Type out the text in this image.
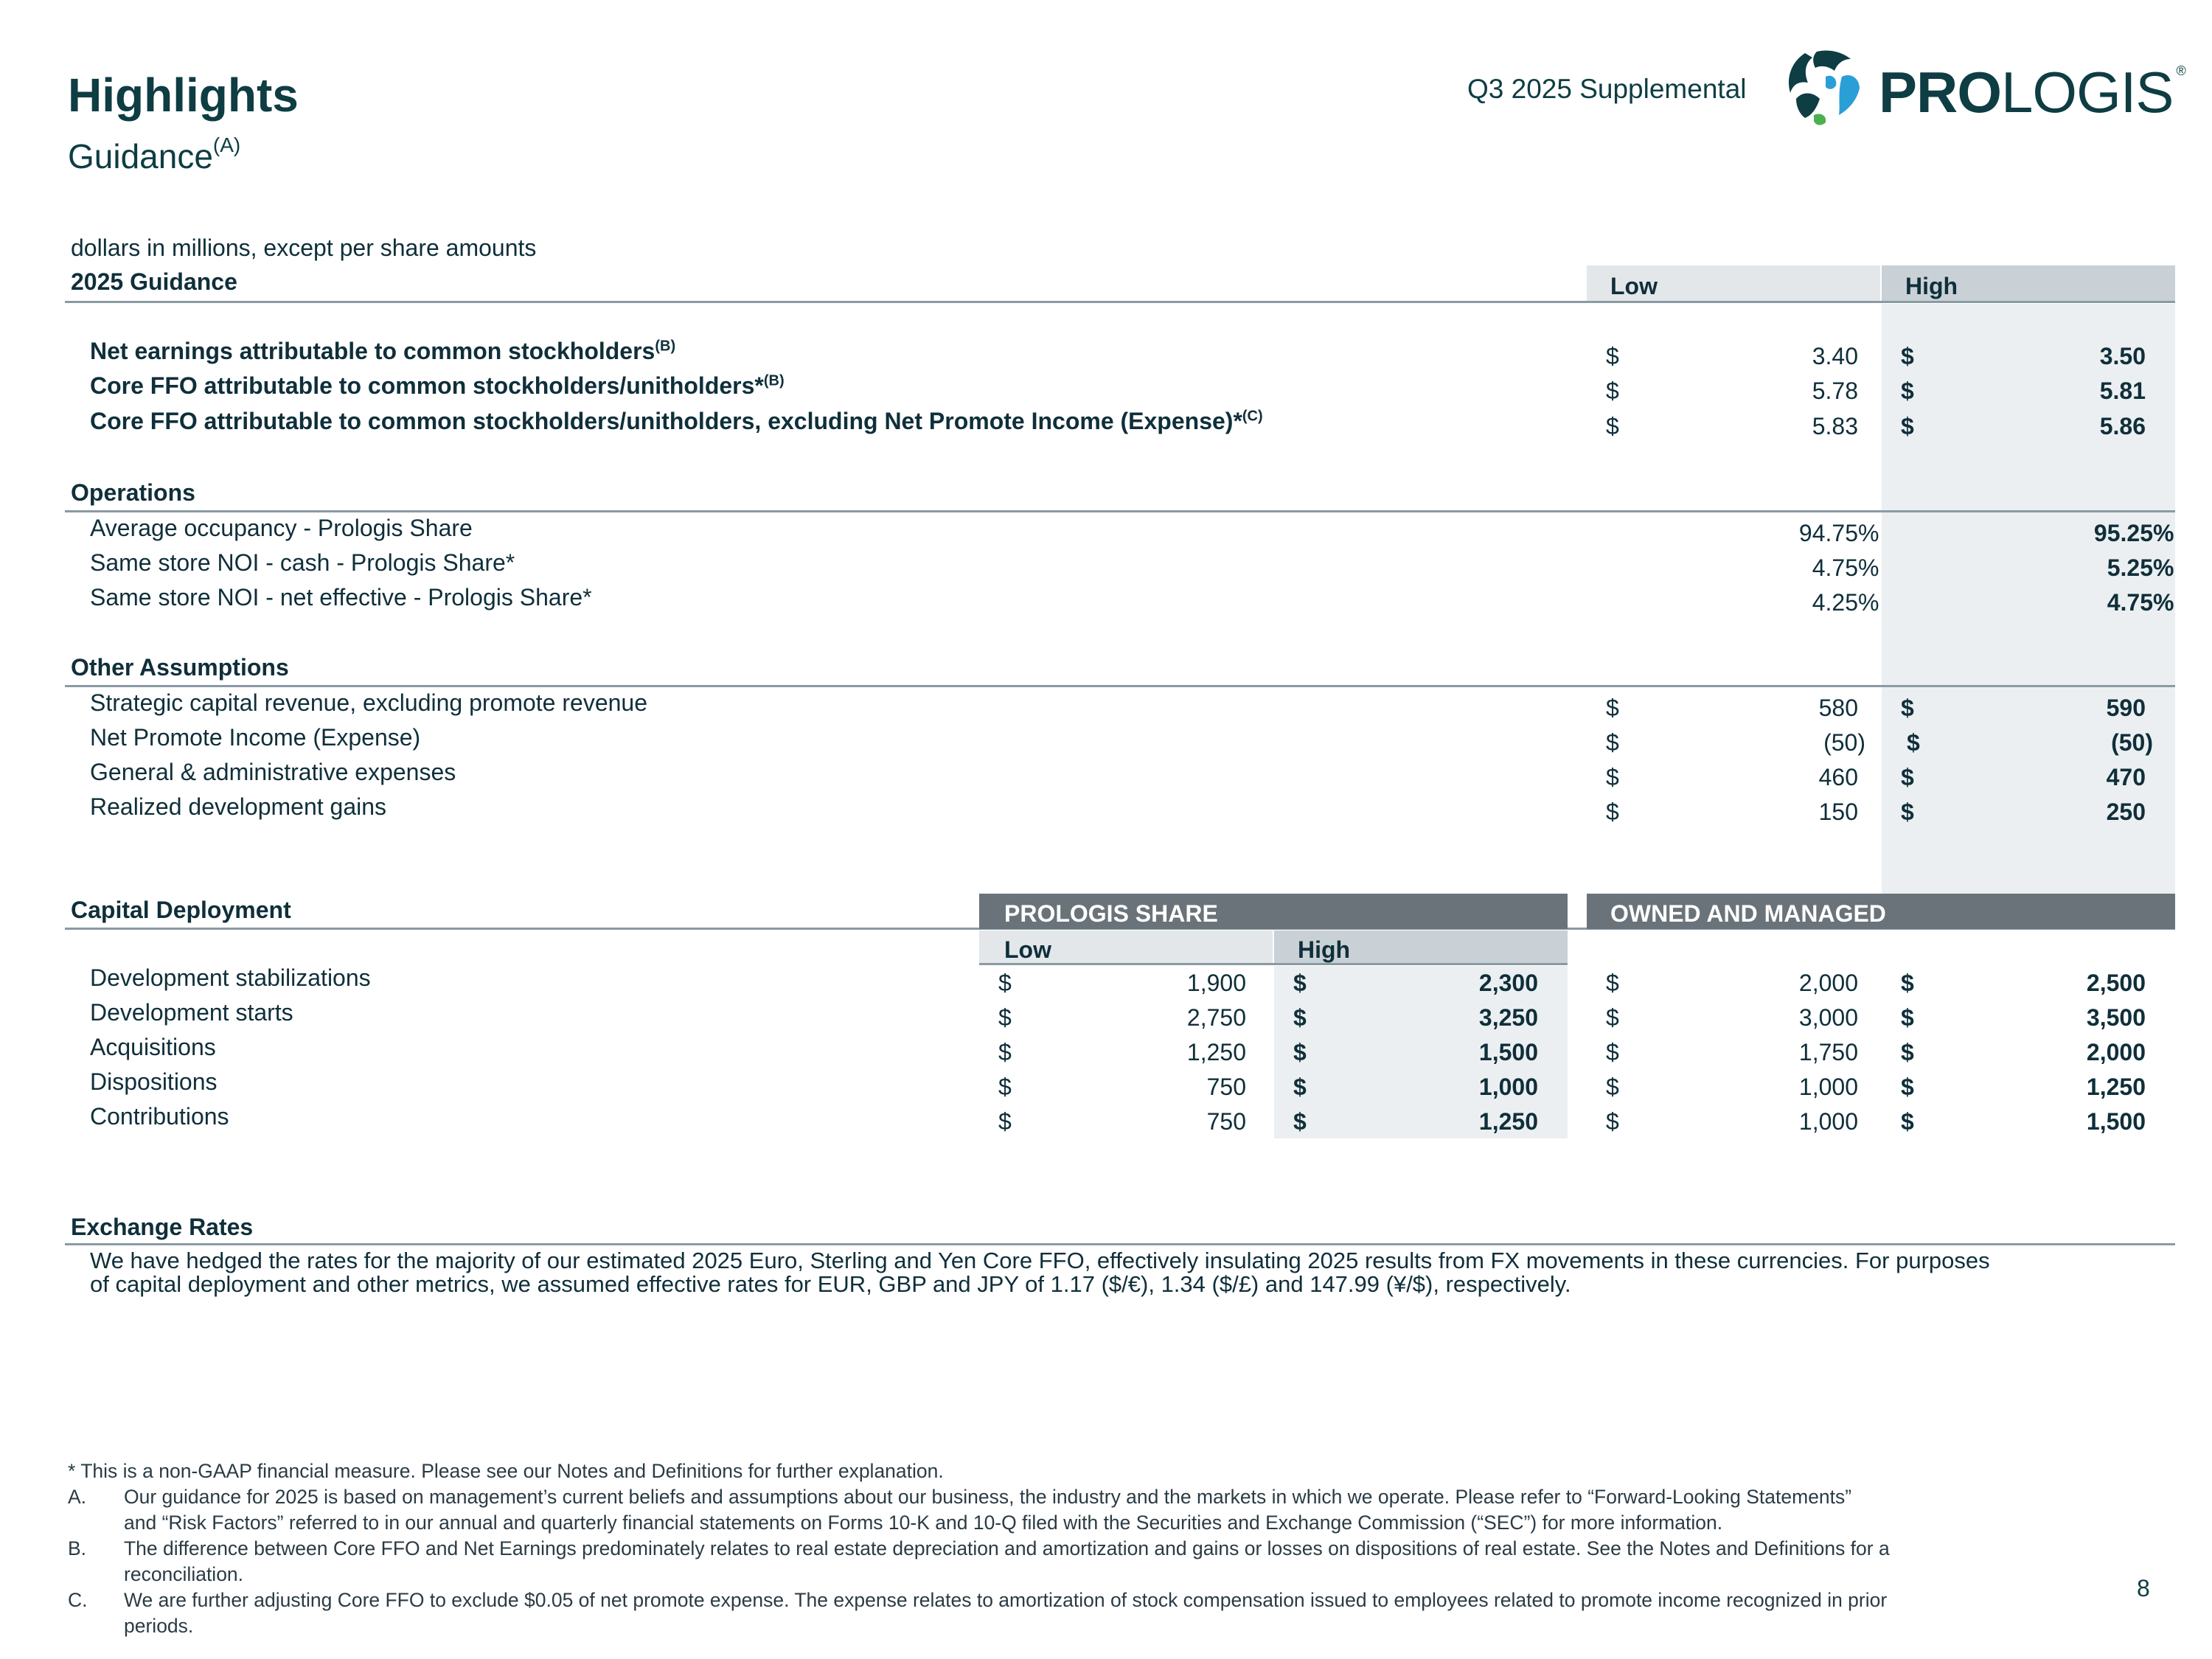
Highlights
Guidance$^{(A)}$
Q3 2025 Supplemental PROLOGIS ®
dollars in millions, except per share amounts
2025 Guidance	Low	High
Net earnings attributable to common stockholders$^{(B)}$	$	3.40 $	3.50
Core FFO attributable to common stockholders/unitholders*$^{(B)}$	$	5.78 $	5.81
Core FFO attributable to common stockholders/unitholders, excluding Net Promote Income (Expense)*$^{(C)}$	$	5.83 $	5.86
Operations
Average occupancy - Prologis Share	94.75 %	95.25 %
Same store NOI - cash - Prologis Share*	4.75 %	5.25 %
Same store NOI - net effective - Prologis Share*	4.25 %	4.75 %
Other Assumptions
Strategic capital revenue, excluding promote revenue	$	580 $	590
Net Promote Income (Expense)	$	(50) $	(50)
General & administrative expenses	$	460 $	470
Realized development gains	$	150 $	250
Capital Deployment	PROLOGIS SHARE	OWNED AND MANAGED
Low	High
Development stabilizations	$	1,900 $	2,300	$	2,000 $	2,500
Development starts	$	2,750 $	3,250	$	3,000 $	3,500
Acquisitions	$	1,250 $	1,500	$	1,750 $	2,000
Dispositions	$	750 $	1,000	$	1,000 $	1,250
Contributions	$	750 $	1,250	$	1,000 $	1,500
Exchange Rates
We have hedged the rates for the majority of our estimated 2025 Euro, Sterling and Yen Core FFO, effectively insulating 2025 results from FX movements in these currencies. For purposes
of capital deployment and other metrics, we assumed effective rates for EUR, GBP and JPY of 1.17 ($/€), 1.34 ($/£) and 147.99 (¥/$), respectively.
* This is a non-GAAP financial measure. Please see our Notes and Definitions for further explanation.
A. Our guidance for 2025 is based on management’s current beliefs and assumptions about our business, the industry and the markets in which we operate. Please refer to “Forward-Looking Statements”
and “Risk Factors” referred to in our annual and quarterly financial statements on Forms 10-K and 10-Q filed with the Securities and Exchange Commission (“SEC”) for more information.
B. The difference between Core FFO and Net Earnings predominately relates to real estate depreciation and amortization and gains or losses on dispositions of real estate. See the Notes and Definitions for a
reconciliation.
C. We are further adjusting Core FFO to exclude $0.05 of net promote expense. The expense relates to amortization of stock compensation issued to employees related to promote income recognized in prior
periods.
8
